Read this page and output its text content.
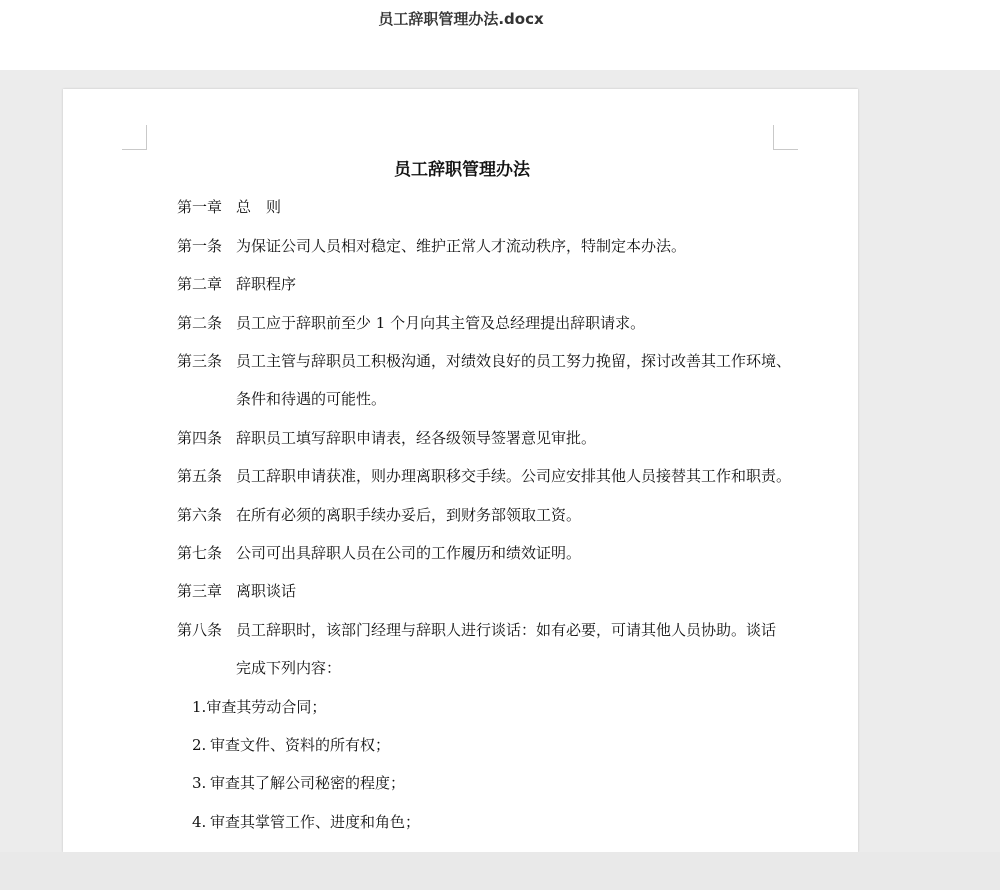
员工辞职管理办法.docx
员工辞职管理办法
第一章 总　则
第一条 为保证公司人员相对稳定、维护正常人才流动秩序，特制定本办法。
第二章 辞职程序
第二条 员工应于辞职前至少 1 个月向其主管及总经理提出辞职请求。
第三条 员工主管与辞职员工积极沟通，对绩效良好的员工努力挽留，探讨改善其工作环境、
条件和待遇的可能性。
第四条 辞职员工填写辞职申请表，经各级领导签署意见审批。
第五条 员工辞职申请获准，则办理离职移交手续。公司应安排其他人员接替其工作和职责。
第六条 在所有必须的离职手续办妥后，到财务部领取工资。
第七条 公司可出具辞职人员在公司的工作履历和绩效证明。
第三章 离职谈话
第八条 员工辞职时，该部门经理与辞职人进行谈话：如有必要，可请其他人员协助。谈话
完成下列内容：
1.审查其劳动合同；
2. 审查文件、资料的所有权；
3. 审查其了解公司秘密的程度；
4. 审查其掌管工作、进度和角色；
